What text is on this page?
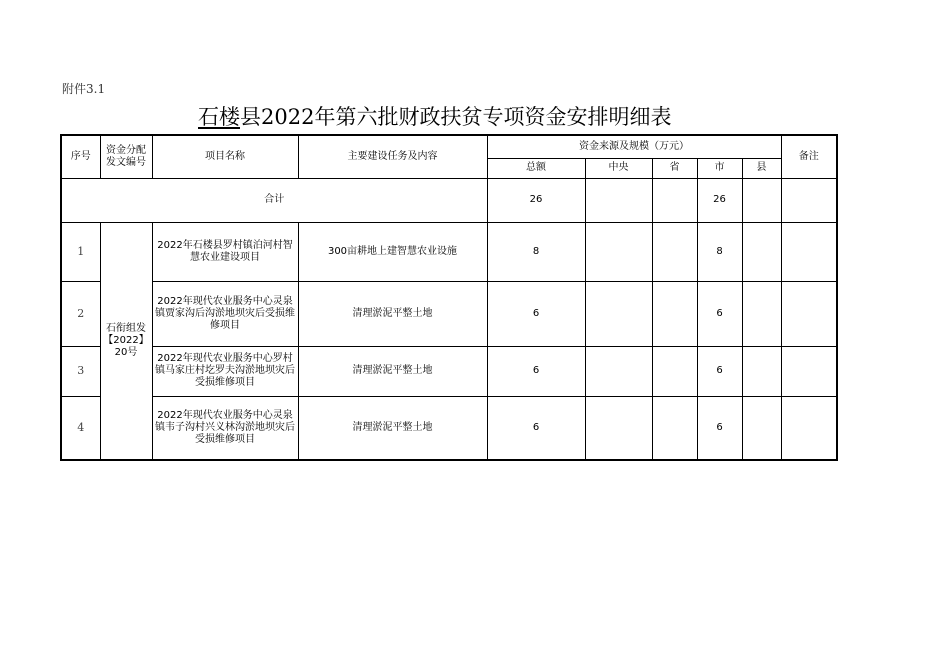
附件3.1
石楼县2022年第六批财政扶贫专项资金安排明细表
序号	资金分配发文编号	项目名称	主要建设任务及内容	资金来源及规模（万元）					备注
				总额	中央	省	市	县	
合计				26			26		
1	石衔组发【2022】20号	2022年石楼县罗村镇泊河村智慧农业建设项目	300亩耕地上建智慧农业设施	8			8		
2		2022年现代农业服务中心灵泉镇贾家沟后沟淤地坝灾后受损维修项目	清理淤泥平整土地	6			6		
3		2022年现代农业服务中心罗村镇马家庄村圪罗夫沟淤地坝灾后受损维修项目	清理淤泥平整土地	6			6		
4		2022年现代农业服务中心灵泉镇韦子沟村兴义林沟淤地坝灾后受损维修项目	清理淤泥平整土地	6			6		
